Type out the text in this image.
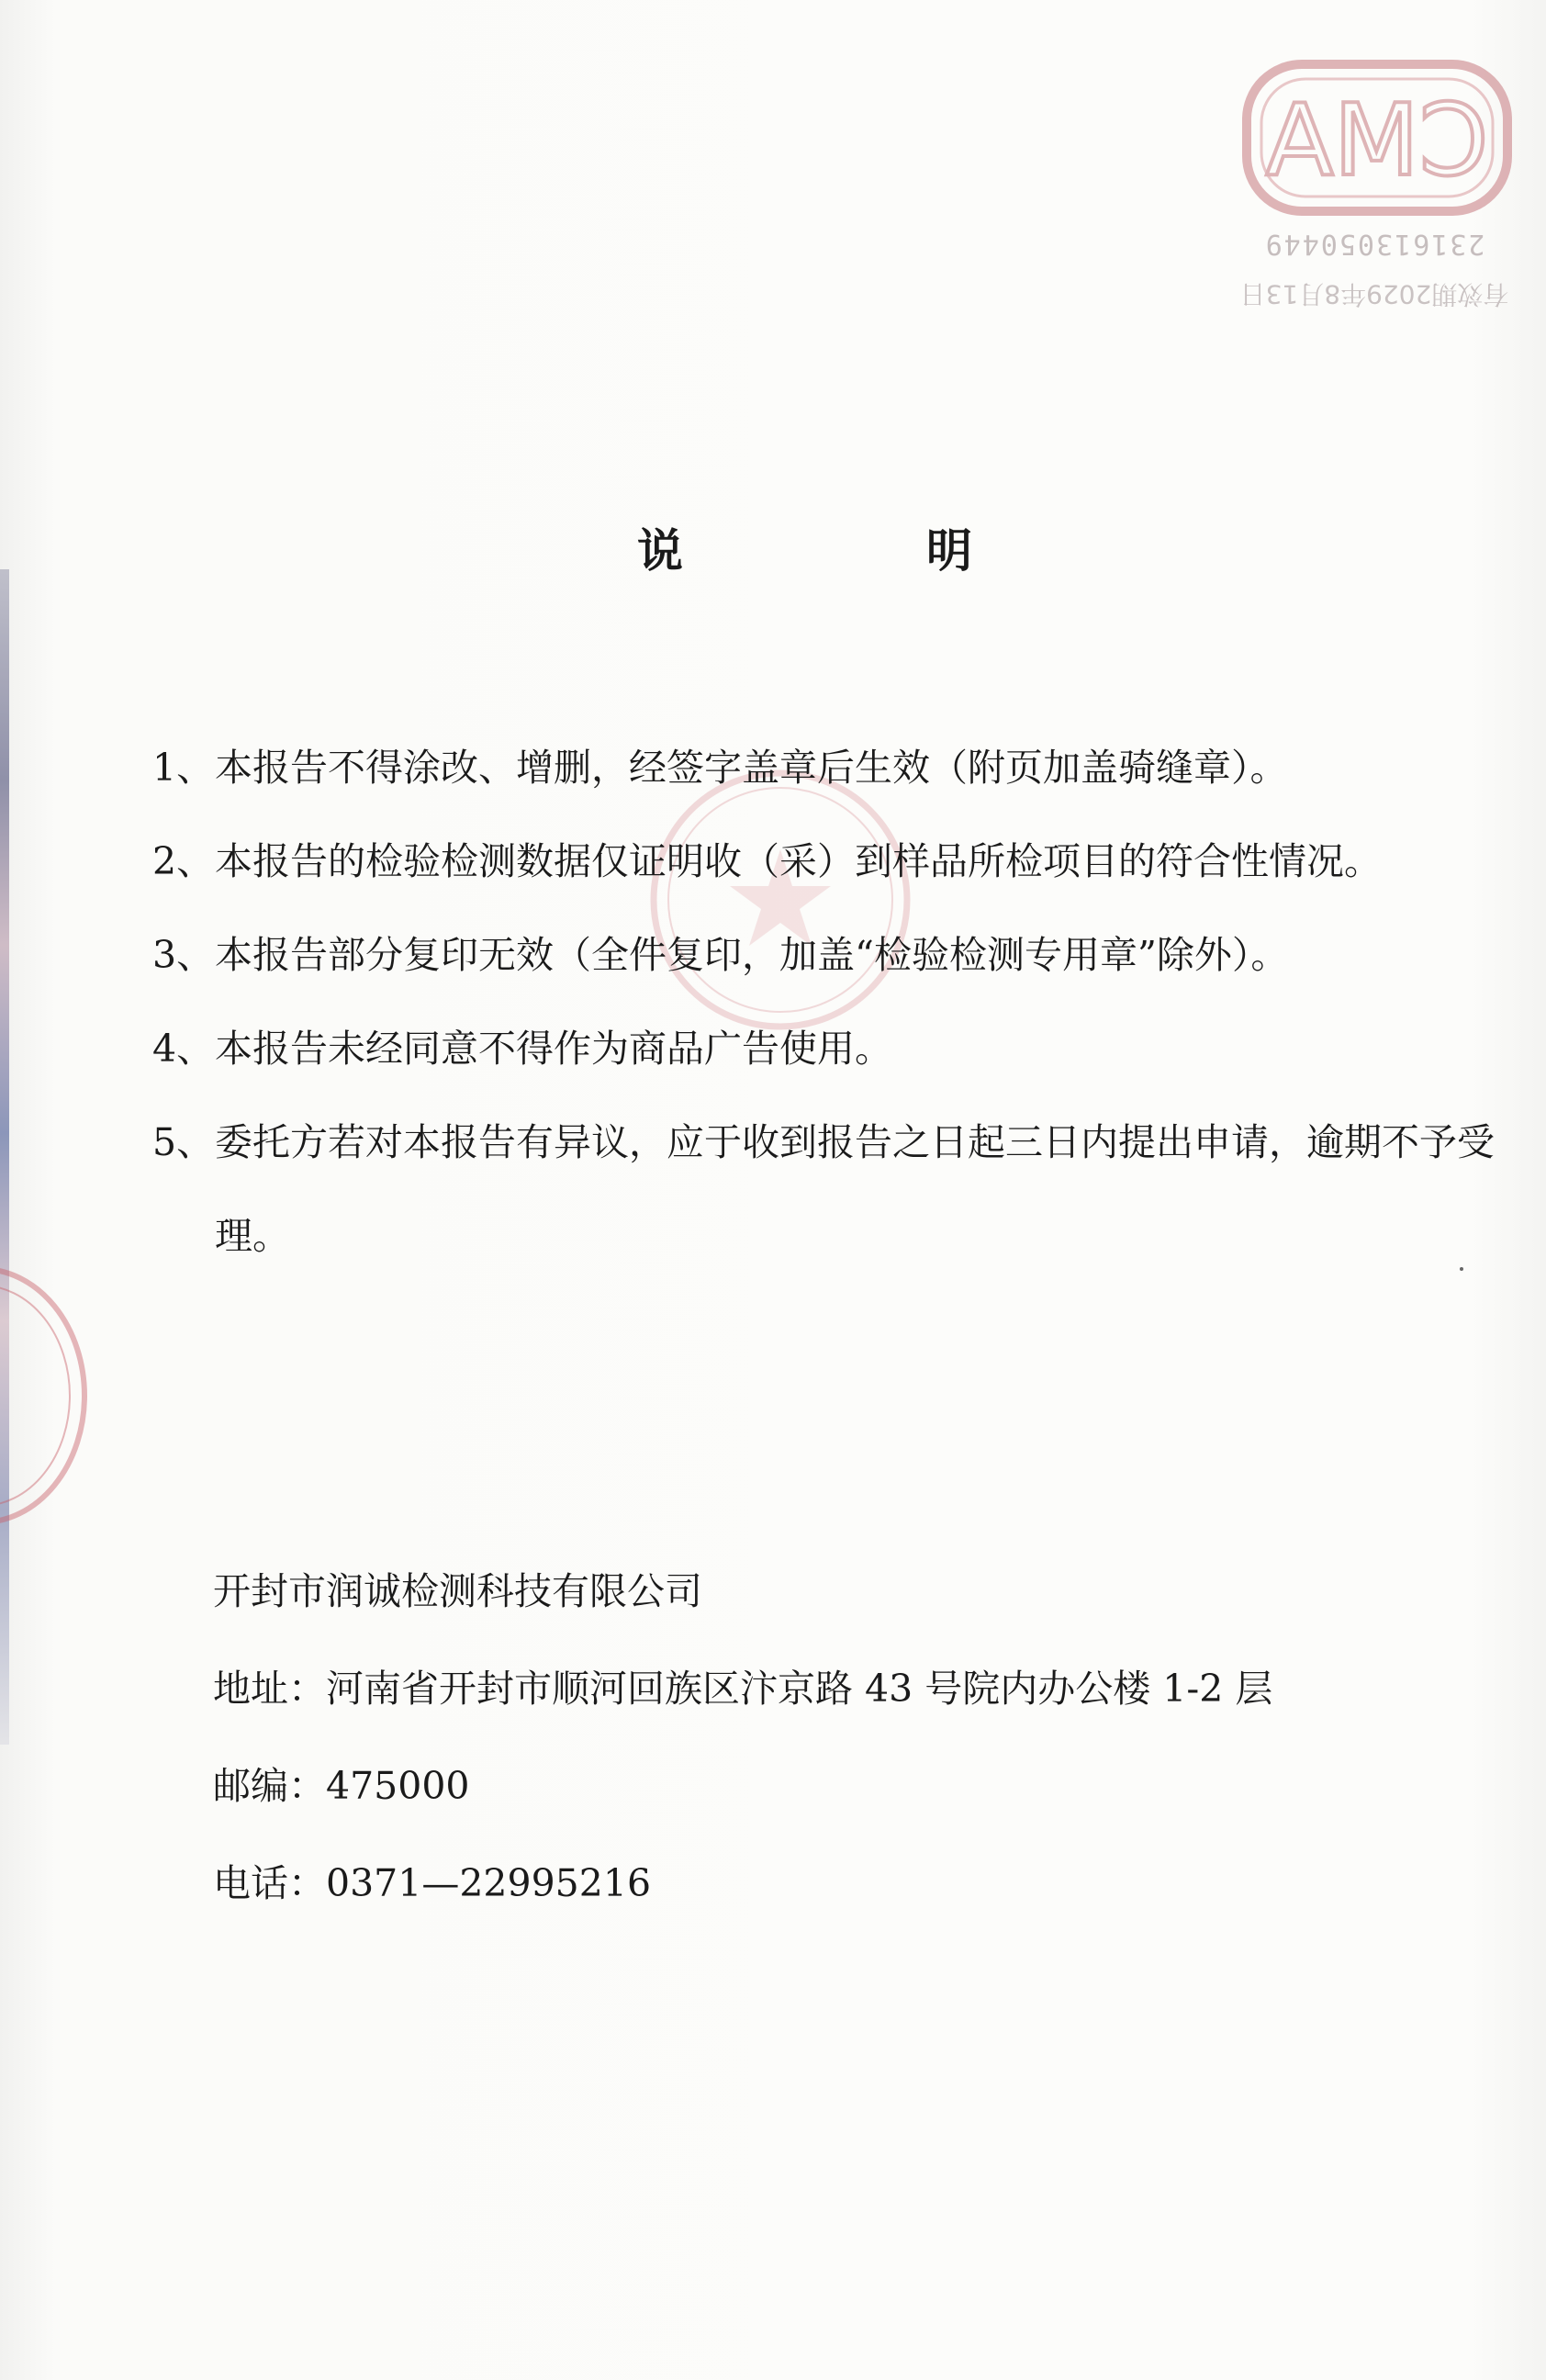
CMA
231613050449
有效期2029年8月13日
说	明
1、 本报告不得涂改、增删，经签字盖章后生效（附页加盖骑缝章）。
2、 本报告的检验检测数据仅证明收（采）到样品所检项目的符合性情况。
3、 本报告部分复印无效（全件复印，加盖“检验检测专用章”除外）。
4、 本报告未经同意不得作为商品广告使用。
5、 委托方若对本报告有异议，应于收到报告之日起三日内提出申请，逾期不予受理。
开封市润诚检测科技有限公司
地址：河南省开封市顺河回族区汴京路 43 号院内办公楼 1-2 层
邮编：475000
电话：0371—22995216
